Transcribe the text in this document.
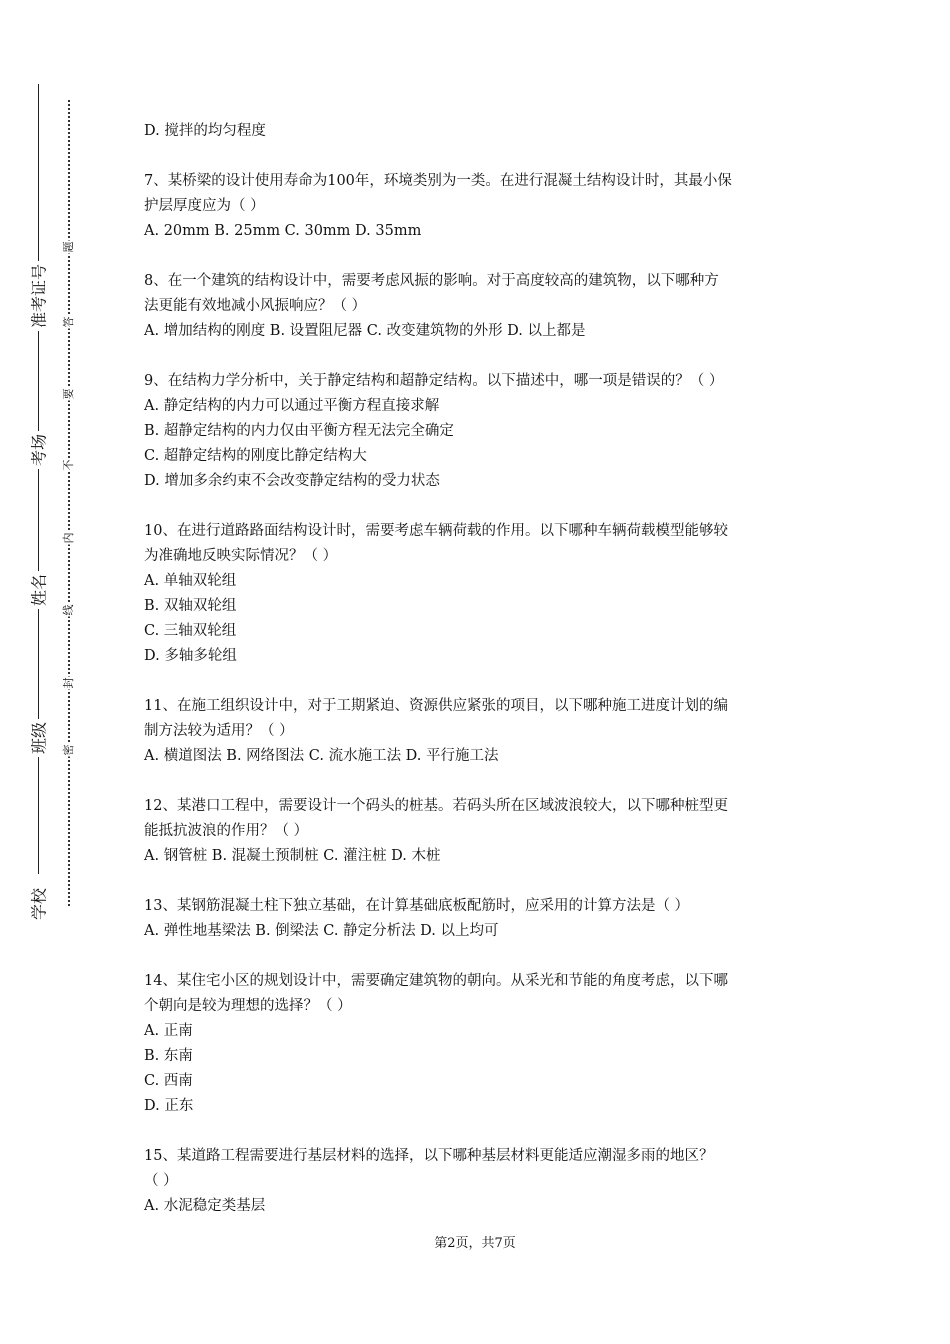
学校
班级
姓名
考场
准考证号
密
封
线
内
不
要
答
题

D. 搅拌的均匀程度

7、某桥梁的设计使用寿命为100年，环境类别为一类。在进行混凝土结构设计时，其最小保

护层厚度应为（ ）

A. 20mm B. 25mm C. 30mm D. 35mm

8、在一个建筑的结构设计中，需要考虑风振的影响。对于高度较高的建筑物，以下哪种方

法更能有效地减小风振响应？（ ）

A. 增加结构的刚度 B. 设置阻尼器 C. 改变建筑物的外形 D. 以上都是

9、在结构力学分析中，关于静定结构和超静定结构。以下描述中，哪一项是错误的？（ ）

A. 静定结构的内力可以通过平衡方程直接求解

B. 超静定结构的内力仅由平衡方程无法完全确定

C. 超静定结构的刚度比静定结构大

D. 增加多余约束不会改变静定结构的受力状态

10、在进行道路路面结构设计时，需要考虑车辆荷载的作用。以下哪种车辆荷载模型能够较

为准确地反映实际情况？（ ）

A. 单轴双轮组

B. 双轴双轮组

C. 三轴双轮组

D. 多轴多轮组

11、在施工组织设计中，对于工期紧迫、资源供应紧张的项目，以下哪种施工进度计划的编

制方法较为适用？（ ）

A. 横道图法 B. 网络图法 C. 流水施工法 D. 平行施工法

12、某港口工程中，需要设计一个码头的桩基。若码头所在区域波浪较大，以下哪种桩型更

能抵抗波浪的作用？（ ）

A. 钢管桩 B. 混凝土预制桩 C. 灌注桩 D. 木桩

13、某钢筋混凝土柱下独立基础，在计算基础底板配筋时，应采用的计算方法是（ ）

A. 弹性地基梁法 B. 倒梁法 C. 静定分析法 D. 以上均可

14、某住宅小区的规划设计中，需要确定建筑物的朝向。从采光和节能的角度考虑，以下哪

个朝向是较为理想的选择？（ ）

A. 正南

B. 东南

C. 西南

D. 正东

15、某道路工程需要进行基层材料的选择，以下哪种基层材料更能适应潮湿多雨的地区？

（ ）

A. 水泥稳定类基层

第2页，共7页
